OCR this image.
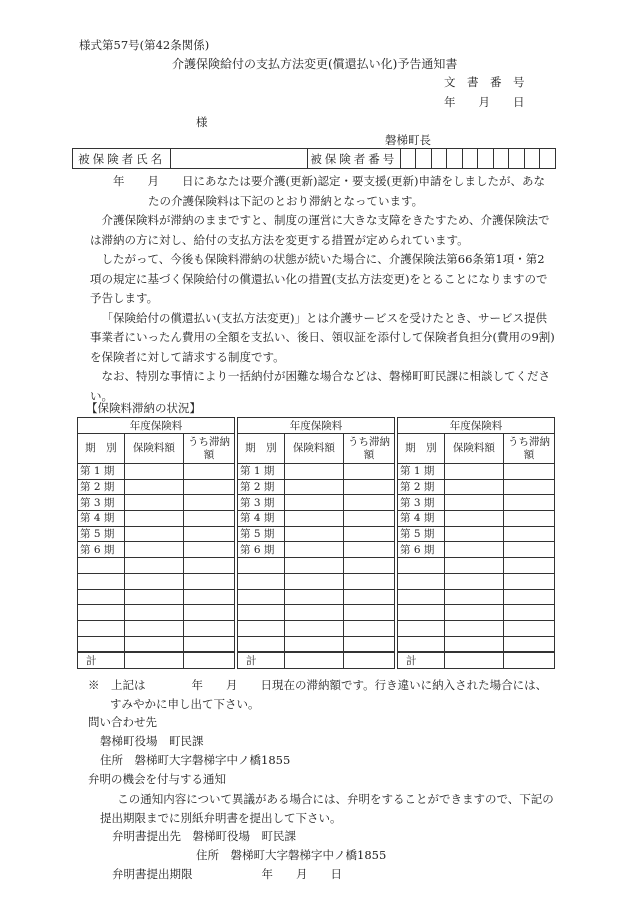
様式第57号(第42条関係)
介護保険給付の支払方法変更(償還払い化)予告通知書
文　書　番　号
年　　月　　日
様
磐梯町長
被保険者氏名		被保険者番号										

　　年　　月　　日にあなたは要介護(更新)認定・要支援(更新)申請をしましたが、あなたの介護保険料は下記のとおり滞納となっています。

介護保険料が滞納のままですと、制度の運営に大きな支障をきたすため、介護保険法では滞納の方に対し、給付の支払方法を変更する措置が定められています。

したがって、今後も保険料滞納の状態が続いた場合に、介護保険法第66条第1項・第2項の規定に基づく保険給付の償還払い化の措置(支払方法変更)をとることになりますので予告します。

「保険給付の償還払い(支払方法変更)」とは介護サービスを受けたとき、サービス提供事業者にいったん費用の全額を支払い、後日、領収証を添付して保険者負担分(費用の9割)を保険者に対して請求する制度です。

なお、特別な事情により一括納付が困難な場合などは、磐梯町町民課に相談してください。

【保険料滞納の状況】
年度保険料		
期　別	保険料額	うち滞納額
第 1 期		
第 2 期		
第 3 期		
第 4 期		
第 5 期		
第 6 期		

計		
年度保険料		
期　別	保険料額	うち滞納額
第 1 期		
第 2 期		
第 3 期		
第 4 期		
第 5 期		
第 6 期		

計		
年度保険料		
期　別	保険料額	うち滞納額
第 1 期		
第 2 期		
第 3 期		
第 4 期		
第 5 期		
第 6 期		

計		
※　上記は　　　　年　　月　　日現在の滞納額です。行き違いに納入された場合には、すみやかに申し出て下さい。
問い合わせ先
磐梯町役場　町民課
住所　磐梯町大字磐梯字中ノ橋1855
弁明の機会を付与する通知
この通知内容について異議がある場合には、弁明をすることができますので、下記の提出期限までに別紙弁明書を提出して下さい。
弁明書提出先　磐梯町役場　町民課
住所　磐梯町大字磐梯字中ノ橋1855
弁明書提出期限　　　　　　年　　月　　日
